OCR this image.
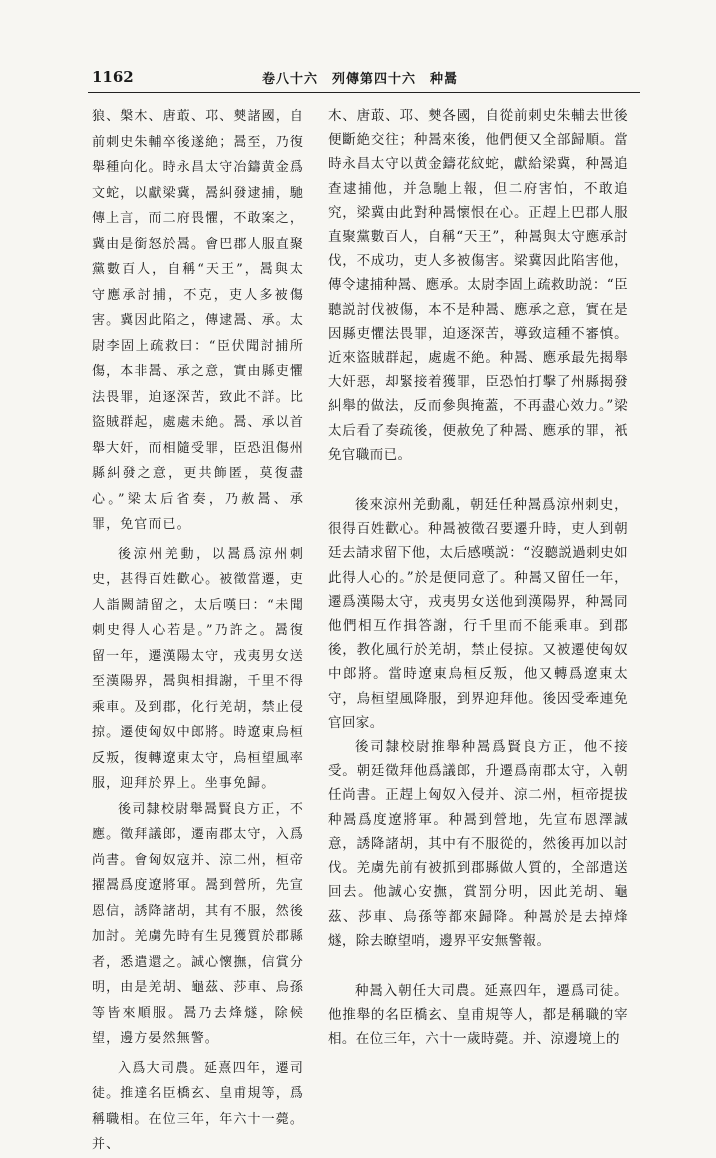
1162	卷八十六　列傳第四十六　种暠

狼、槃木、唐菆、邛、僰諸國，自前刺史朱輔卒後遂絶；暠至，乃復舉種向化。時永昌太守冶鑄黄金爲文蛇，以獻梁冀，暠糾發逮捕，馳傳上言，而二府畏懼，不敢案之，冀由是銜怒於暠。會巴郡人服直聚黨數百人，自稱“天王”，暠與太守應承討捕，不克，吏人多被傷害。冀因此陷之，傳逮暠、承。太尉李固上疏救曰：“臣伏聞討捕所傷，本非暠、承之意，實由縣吏懼法畏罪，迫逐深苦，致此不詳。比盜賊群起，處處未絶。暠、承以首舉大奸，而相隨受罪，臣恐沮傷州縣糾發之意，更共飾匿，莫復盡心。”梁太后省奏，乃赦暠、承罪，免官而已。

後涼州羌動，以暠爲涼州刺史，甚得百姓歡心。被徵當遷，吏人詣闕請留之，太后嘆曰：“未聞刺史得人心若是。”乃許之。暠復留一年，遷漢陽太守，戎夷男女送至漢陽界，暠與相揖謝，千里不得乘車。及到郡，化行羌胡，禁止侵掠。遷使匈奴中郎將。時遼東烏桓反叛，復轉遼東太守，烏桓望風率服，迎拜於界上。坐事免歸。

後司隸校尉舉暠賢良方正，不應。徵拜議郎，遷南郡太守，入爲尚書。會匈奴寇并、涼二州，桓帝擢暠爲度遼將軍。暠到營所，先宣恩信，誘降諸胡，其有不服，然後加討。羌虜先時有生見獲質於郡縣者，悉遣還之。誠心懷撫，信賞分明，由是羌胡、龜茲、莎車、烏孫等皆來順服。暠乃去烽燧，除候望，邊方晏然無警。

入爲大司農。延熹四年，遷司徒。推達名臣橋玄、皇甫規等，爲稱職相。在位三年，年六十一薨。并、

木、唐菆、邛、僰各國，自從前刺史朱輔去世後便斷絶交往；种暠來後，他們便又全部歸順。當時永昌太守以黄金鑄花紋蛇，獻給梁冀，种暠追查逮捕他，并急馳上報，但二府害怕，不敢追究，梁冀由此對种暠懷恨在心。正趕上巴郡人服直聚黨數百人，自稱“天王”，种暠與太守應承討伐，不成功，吏人多被傷害。梁冀因此陷害他，傳令逮捕种暠、應承。太尉李固上疏救助説：“臣聽説討伐被傷，本不是种暠、應承之意，實在是因縣吏懼法畏罪，迫逐深苦，導致這種不審慎。近來盜賊群起，處處不絶。种暠、應承最先揭舉大奸惡，却緊接着獲罪，臣恐怕打擊了州縣揭發糾舉的做法，反而參與掩蓋，不再盡心效力。”梁太后看了奏疏後，便赦免了种暠、應承的罪，衹免官職而已。

後來涼州羌動亂，朝廷任种暠爲涼州刺史，很得百姓歡心。种暠被徵召要遷升時，吏人到朝廷去請求留下他，太后感嘆説：“沒聽説過刺史如此得人心的。”於是便同意了。种暠又留任一年，遷爲漢陽太守，戎夷男女送他到漢陽界，种暠同他們相互作揖答謝，行千里而不能乘車。到郡後，教化風行於羌胡，禁止侵掠。又被遷使匈奴中郎將。當時遼東烏桓反叛，他又轉爲遼東太守，烏桓望風降服，到界迎拜他。後因受牽連免官回家。

後司隸校尉推舉种暠爲賢良方正，他不接受。朝廷徵拜他爲議郎，升遷爲南郡太守，入朝任尚書。正趕上匈奴入侵并、涼二州，桓帝提拔种暠爲度遼將軍。种暠到營地，先宣布恩澤誠意，誘降諸胡，其中有不服從的，然後再加以討伐。羌虜先前有被抓到郡縣做人質的，全部遣送回去。他誠心安撫，賞罰分明，因此羌胡、龜茲、莎車、烏孫等都來歸降。种暠於是去掉烽燧，除去瞭望哨，邊界平安無警報。

种暠入朝任大司農。延熹四年，遷爲司徒。他推舉的名臣橋玄、皇甫規等人，都是稱職的宰相。在位三年，六十一歲時薨。并、涼邊境上的
